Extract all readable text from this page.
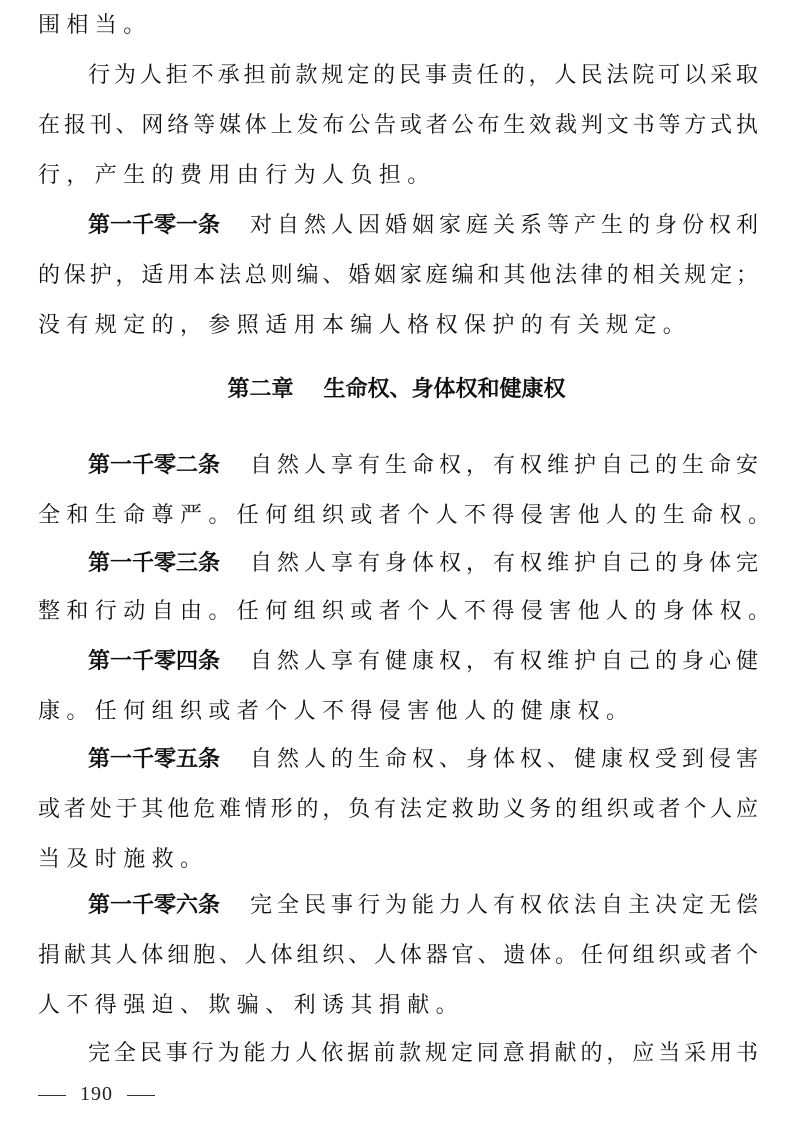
围相当。
行为人拒不承担前款规定的民事责任的，人民法院可以采取
在报刊、网络等媒体上发布公告或者公布生效裁判文书等方式执
行，产生的费用由行为人负担。
第一千零一条 对自然人因婚姻家庭关系等产生的身份权利
的保护，适用本法总则编、婚姻家庭编和其他法律的相关规定；
没有规定的，参照适用本编人格权保护的有关规定。
第二章 生命权、身体权和健康权
第一千零二条 自然人享有生命权，有权维护自己的生命安
全和生命尊严。任何组织或者个人不得侵害他人的生命权。
第一千零三条 自然人享有身体权，有权维护自己的身体完
整和行动自由。任何组织或者个人不得侵害他人的身体权。
第一千零四条 自然人享有健康权，有权维护自己的身心健
康。任何组织或者个人不得侵害他人的健康权。
第一千零五条 自然人的生命权、身体权、健康权受到侵害
或者处于其他危难情形的，负有法定救助义务的组织或者个人应
当及时施救。
第一千零六条 完全民事行为能力人有权依法自主决定无偿
捐献其人体细胞、人体组织、人体器官、遗体。任何组织或者个
人不得强迫、欺骗、利诱其捐献。
完全民事行为能力人依据前款规定同意捐献的，应当采用书
190
